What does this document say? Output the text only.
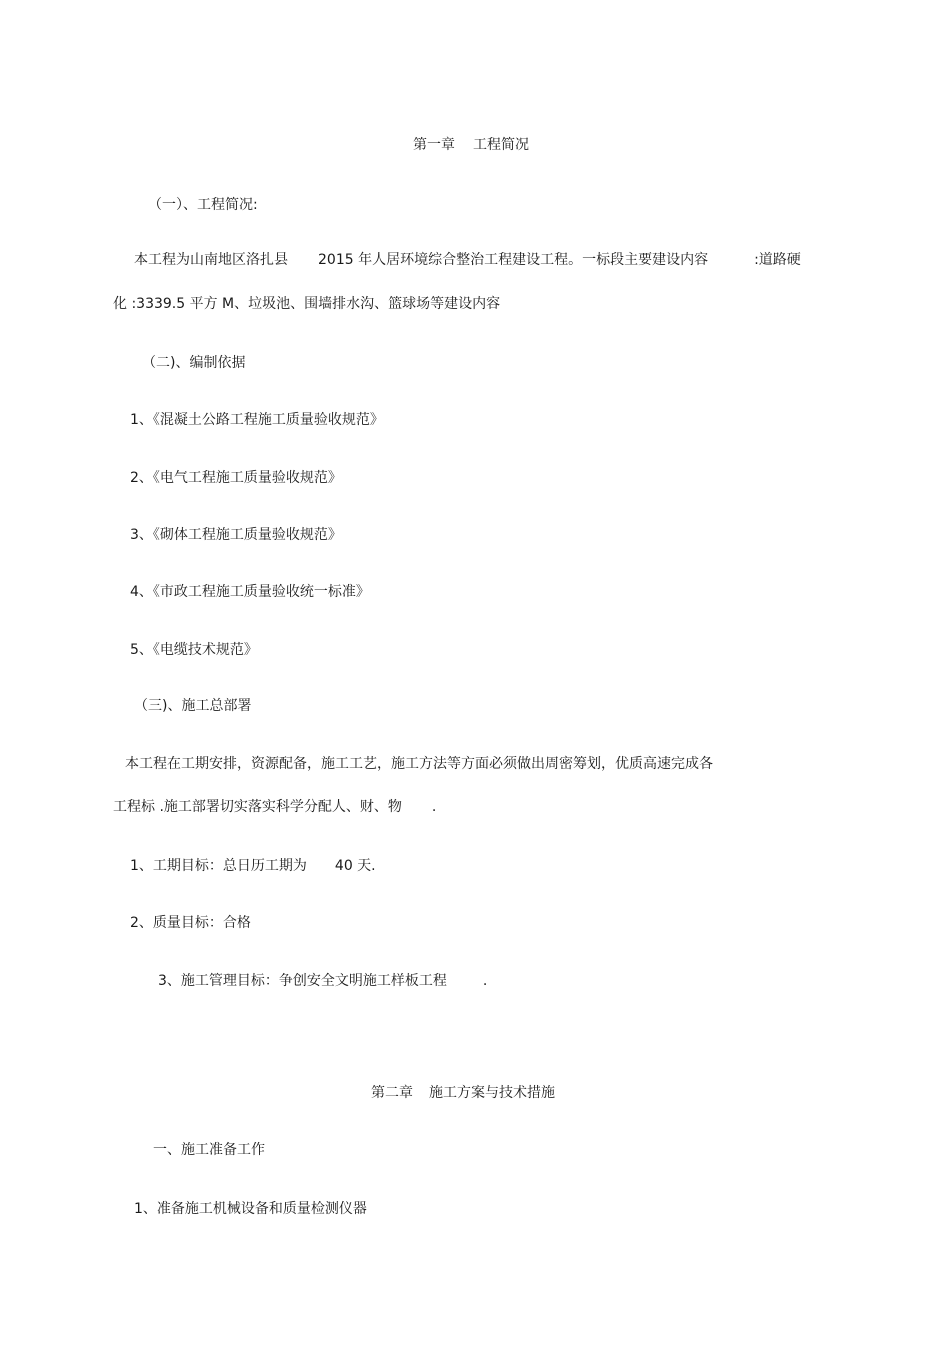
第一章 工程简况
（一）、工程简况:
本工程为山南地区洛扎县 2015 年人居环境综合整治工程建设工程。一标段主要建设内容	:道路硬
化 :3339.5 平方 M、垃圾池、围墙排水沟、篮球场等建设内容
（二)、编制依据
1、《混凝土公路工程施工质量验收规范》
2、《电气工程施工质量验收规范》
3、《砌体工程施工质量验收规范》
4、《市政工程施工质量验收统一标准》
5、《电缆技术规范》
（三)、施工总部署
本工程在工期安排，资源配备，施工工艺，施工方法等方面必须做出周密筹划，优质高速完成各
工程标 .施工部署切实落实科学分配人、财、物 .
1、工期目标：总日历工期为 40 天.
2、质量目标：合格
3、施工管理目标：争创安全文明施工样板工程	.
第二章 施工方案与技术措施
一、施工准备工作
1、准备施工机械设备和质量检测仪器
